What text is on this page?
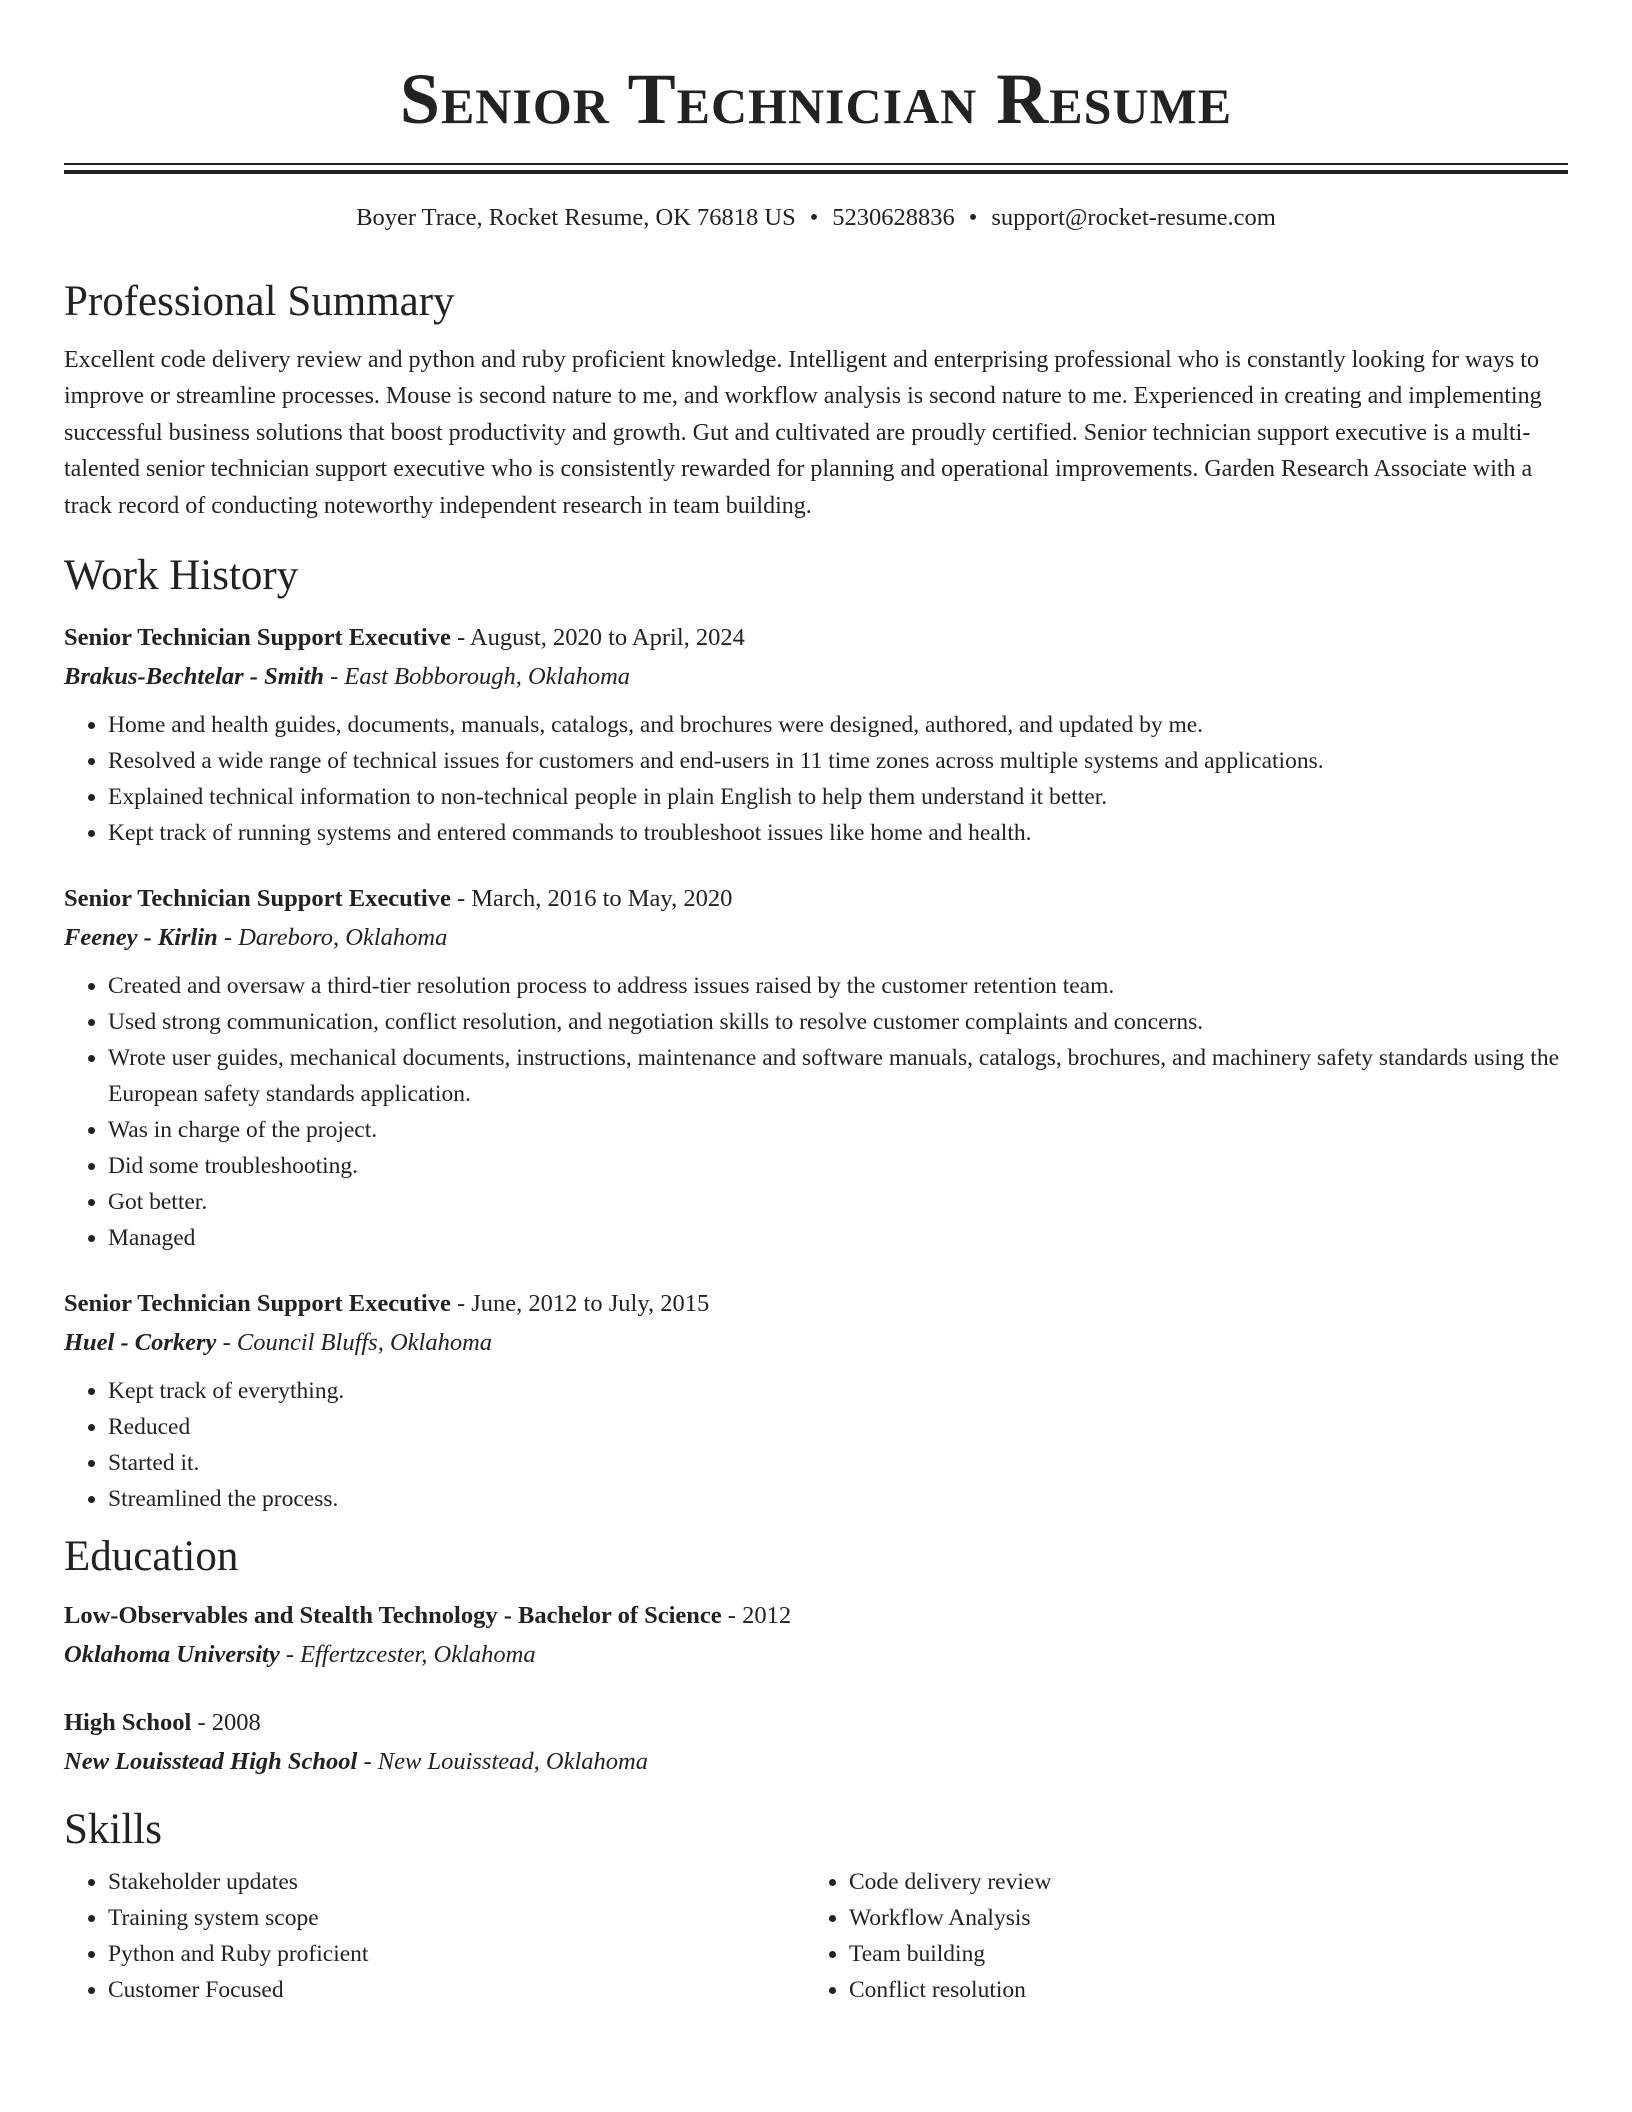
Senior Technician Resume
Boyer Trace, Rocket Resume, OK 76818 US • 5230628836 • support@rocket-resume.com
Professional Summary

Excellent code delivery review and python and ruby proficient knowledge. Intelligent and enterprising professional who is constantly looking for ways to improve or streamline processes. Mouse is second nature to me, and workflow analysis is second nature to me. Experienced in creating and implementing successful business solutions that boost productivity and growth. Gut and cultivated are proudly certified. Senior technician support executive is a multi-talented senior technician support executive who is consistently rewarded for planning and operational improvements. Garden Research Associate with a track record of conducting noteworthy independent research in team building.

Work History
Senior Technician Support Executive - August, 2020 to April, 2024
Brakus-Bechtelar - Smith - East Bobborough, Oklahoma
• Home and health guides, documents, manuals, catalogs, and brochures were designed, authored, and updated by me.
• Resolved a wide range of technical issues for customers and end-users in 11 time zones across multiple systems and applications.
• Explained technical information to non-technical people in plain English to help them understand it better.
• Kept track of running systems and entered commands to troubleshoot issues like home and health.
Senior Technician Support Executive - March, 2016 to May, 2020
Feeney - Kirlin - Dareboro, Oklahoma
• Created and oversaw a third-tier resolution process to address issues raised by the customer retention team.
• Used strong communication, conflict resolution, and negotiation skills to resolve customer complaints and concerns.
• Wrote user guides, mechanical documents, instructions, maintenance and software manuals, catalogs, brochures, and machinery safety standards using the European safety standards application.
• Was in charge of the project.
• Did some troubleshooting.
• Got better.
• Managed
Senior Technician Support Executive - June, 2012 to July, 2015
Huel - Corkery - Council Bluffs, Oklahoma
• Kept track of everything.
• Reduced
• Started it.
• Streamlined the process.
Education
Low-Observables and Stealth Technology - Bachelor of Science - 2012
Oklahoma University - Effertzcester, Oklahoma
High School - 2008
New Louisstead High School - New Louisstead, Oklahoma
Skills
• Stakeholder updates
• Training system scope
• Python and Ruby proficient
• Customer Focused
• Code delivery review
• Workflow Analysis
• Team building
• Conflict resolution
